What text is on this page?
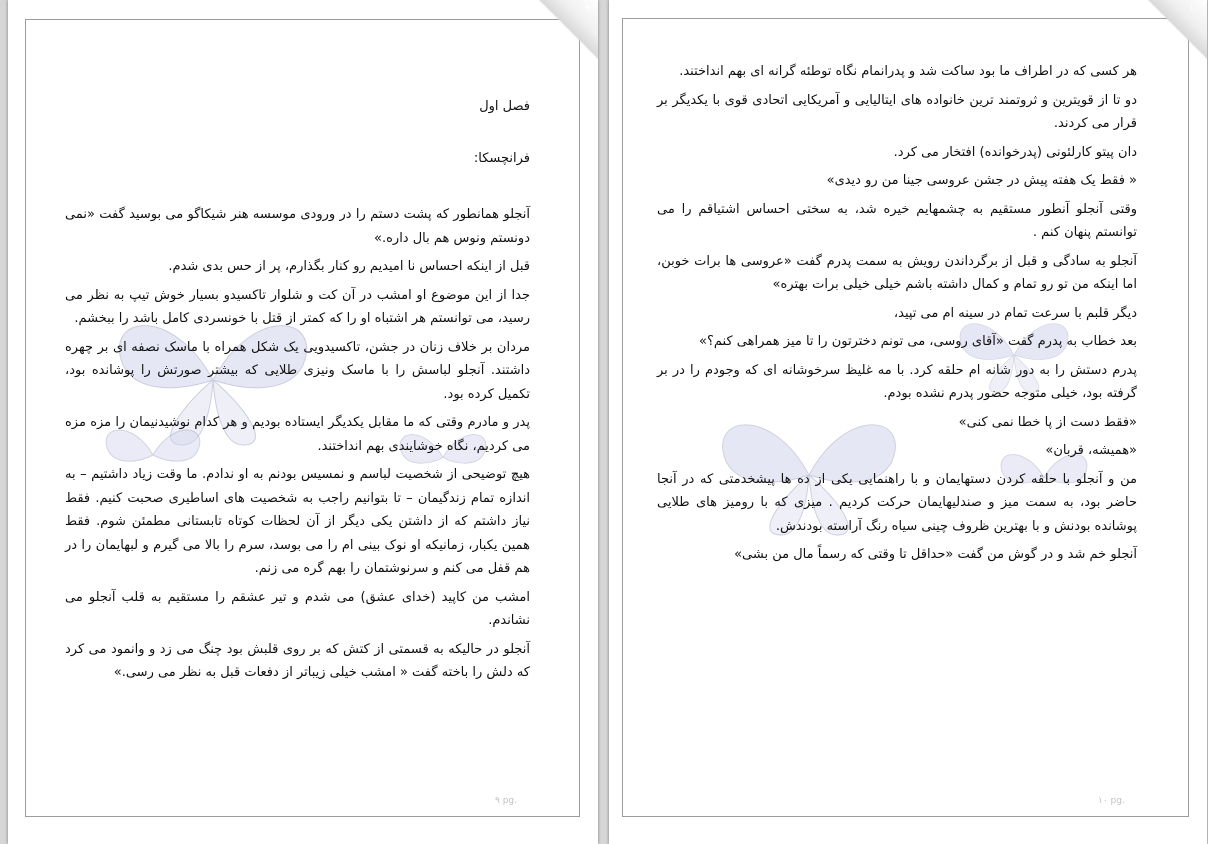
۹

فصل اول

فرانچسکا:

آنجلو همانطور که پشت دستم را در ورودی موسسه هنر شیکاگو می بوسید گفت «نمی دونستم ونوس هم بال داره.»

قبل از اینکه احساس نا امیدیم رو کنار بگذارم، پر از حس بدی شدم.

جدا از این موضوع او امشب در آن کت و شلوار تاکسیدو بسیار خوش تیپ به نظر می رسید، می توانستم هر اشتباه او را که کمتر از قتل با خونسردی کامل باشد را ببخشم.

مردان بر خلاف زنان در جشن، تاکسیدویی یک شکل همراه با ماسک نصفه ای بر چهره داشتند. آنجلو لباسش را با ماسک ونیزی طلایی که بیشتر صورتش را پوشانده بود، تکمیل کرده بود.

پدر و مادرم وقتی که ما مقابل یکدیگر ایستاده بودیم و هر کدام نوشیدنیمان را مزه مزه می کردیم، نگاه خوشایندی بهم انداختند.

هیچ توضیحی از شخصیت لباسم و نمسیس بودنم به او ندادم. ما وقت زیاد داشتیم – به اندازه تمام زندگیمان – تا بتوانیم راجب به شخصیت های اساطیری صحبت کنیم. فقط نیاز داشتم که از داشتن یکی دیگر از آن لحظات کوتاه تابستانی مطمئن شوم. فقط همین یکبار، زمانیکه او نوک بینی ام را می بوسد، سرم را بالا می گیرم و لبهایمان را در هم قفل می کنم و سرنوشتمان را بهم گره می زنم.

امشب من کاپید (خدای عشق) می شدم و تیر عشقم را مستقیم به قلب آنجلو می نشاندم.

آنجلو در حالیکه به قسمتی از کتش که بر روی قلبش بود چنگ می زد و وانمود می کرد که دلش را باخته گفت « امشب خیلی زیباتر از دفعات قبل به نظر می رسی.»

۹ pg.
۱۰

هر کسی که در اطراف ما بود ساکت شد و پدرانمام نگاه توطئه گرانه ای بهم انداختند.

دو تا از قویترین و ثروتمند ترین خانواده های ایتالیایی و آمریکایی اتحادی قوی با یکدیگر بر قرار می کردند.

دان پیتو کارلئونی (پدرخوانده) افتخار می کرد.

« فقط یک هفته پیش در جشن عروسی جینا من رو دیدی»

وقتی آنجلو آنطور مستقیم به چشمهایم خیره شد، به سختی احساس اشتیاقم را می توانستم پنهان کنم .

آنجلو به سادگی و قبل از برگرداندن رویش به سمت پدرم گفت «عروسی ها برات خوبن، اما اینکه من تو رو تمام و کمال داشته باشم خیلی خیلی برات بهتره»

دیگر قلبم با سرعت تمام در سینه ام می تپید،

بعد خطاب به پدرم گفت «آقای روسی، می تونم دخترتون را تا میز همراهی کنم؟»

پدرم دستش را به دور شانه ام حلقه کرد. با مه غلیظ سرخوشانه ای که وجودم را در بر گرفته بود، خیلی متوجه حضور پدرم نشده بودم.

«فقط دست از پا خطا نمی کنی»

«همیشه، قربان»

من و آنجلو با حلقه کردن دستهایمان و با راهنمایی یکی از ده ها پیشخدمتی که در آنجا حاضر بود، به سمت میز و صندلیهایمان حرکت کردیم . میزی که با رومیز های طلایی پوشانده بودنش و با بهترین ظروف چینی سیاه رنگ آراسته بودندش.

آنجلو خم شد و در گوش من گفت «حداقل تا وقتی که رسماً مال من بشی»

۱۰ pg.
